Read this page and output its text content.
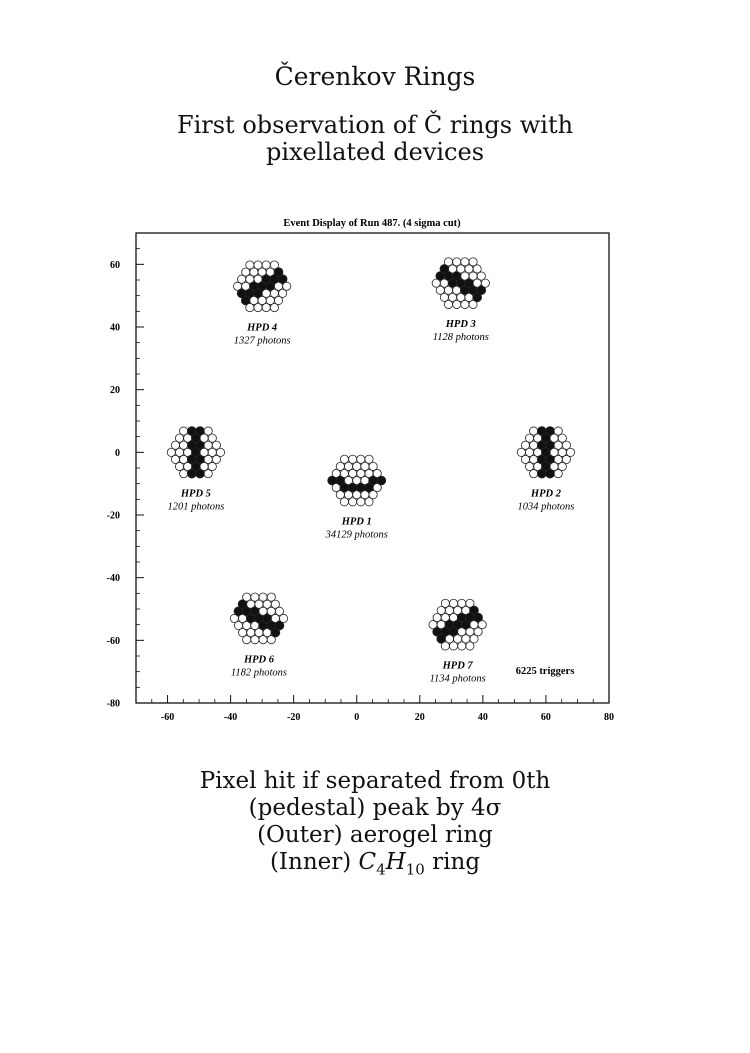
Čerenkov Rings
First observation of Č rings with
pixellated devices
Event Display of Run 487. (4 sigma cut)
-60	-40	-20	0	20	40	60	80
60
40
20
0
-20
-40
-60
-80
HPD 1
34129 photons
HPD 2
1034 photons
HPD 3
1128 photons
HPD 4
1327 photons
HPD 5
1201 photons
HPD 6
1182 photons
HPD 7
1134 photons
6225 triggers
Pixel hit if separated from 0th
(pedestal) peak by 4σ
(Outer) aerogel ring
(Inner) $C_4H_{10}$ ring
